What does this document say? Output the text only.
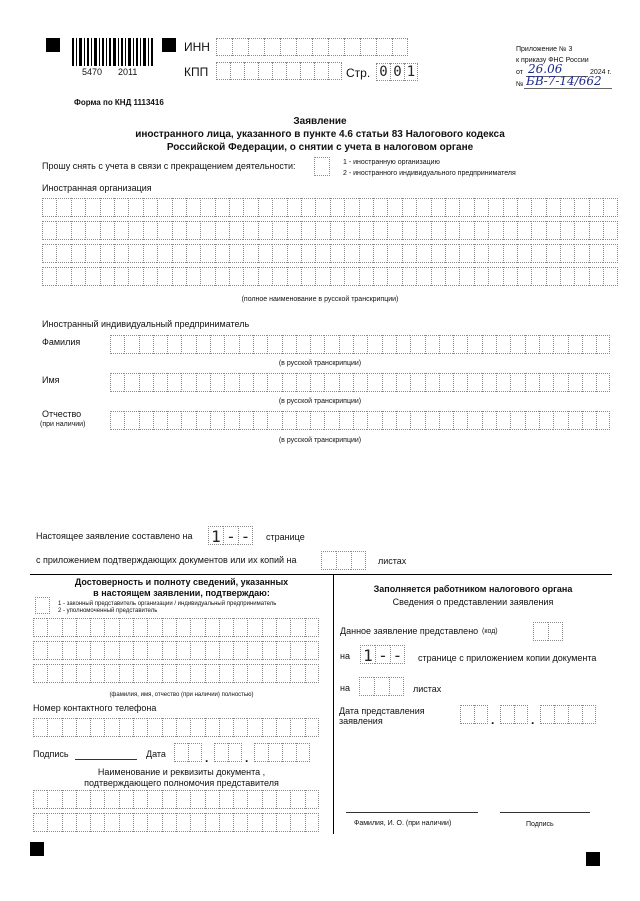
5470 2011
ИНН
КПП	Стр. 0 0 1
Приложение № 3
к приказу ФНС России
от 26.06	2024 г.
№ БВ-7-14/662
Форма по КНД 1113416
Заявление
иностранного лица, указанного в пункте 4.6 статьи 83 Налогового кодекса
Российской Федерации, о снятии с учета в налоговом органе
Прошу снять с учета в связи с прекращением деятельности:	1 - иностранную организацию
2 - иностранного индивидуального предпринимателя
Иностранная организация
(полное наименование в русской транскрипции)
Иностранный индивидуальный предприниматель
Фамилия
(в русской транскрипции)
Имя
(в русской транскрипции)
Отчество
(при наличии)
(в русской транскрипции)
Настоящее заявление составлено на 1 - - страницe
с приложением подтверждающих документов или их копий на	листах
Достоверность и полноту сведений, указанных
в настоящем заявлении, подтверждаю:
1 - законный представитель организации / индивидуальный предприниматель
2 - уполномоченный представитель
(фамилия, имя, отчество (при наличии) полностью)
Номер контактного телефона
Подпись	Дата	.	.
Наименование и реквизиты документа ,
подтверждающего полномочия представителя
Заполняется работником налогового органа
Сведения о представлении заявления
Данное заявление представлено (код)
на 1 - - странице с приложением копии документа
на	листах
Дата представления
заявления	.	.
Фамилия, И. О. (при наличии)	Подпись
